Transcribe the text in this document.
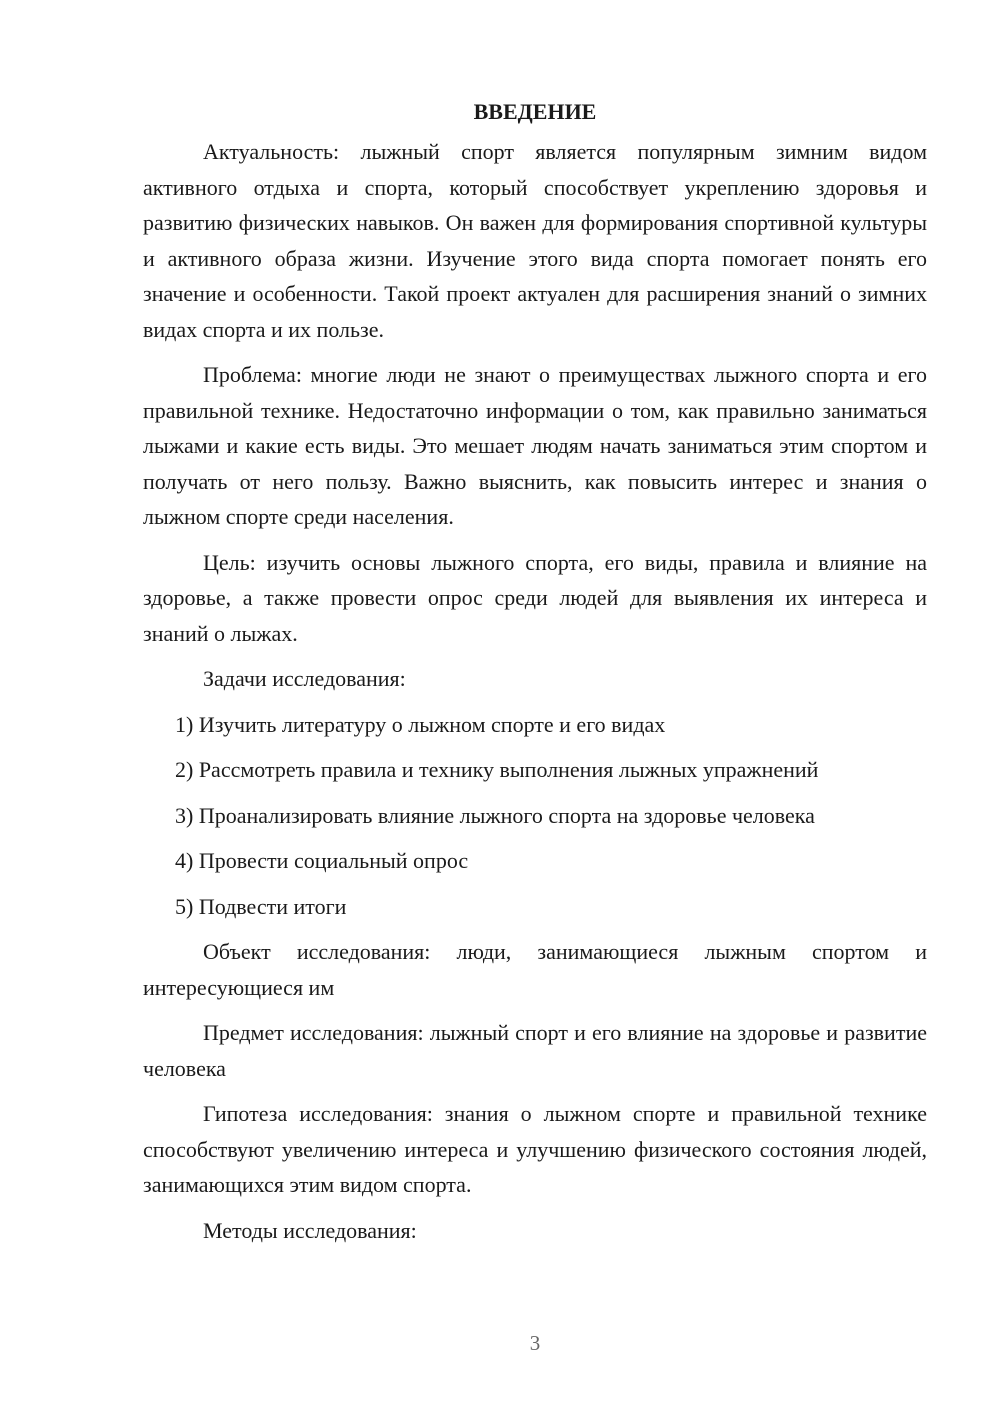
ВВЕДЕНИЕ

Актуальность: лыжный спорт является популярным зимним видом активного отдыха и спорта, который способствует укреплению здоровья и развитию физических навыков. Он важен для формирования спортивной культуры и активного образа жизни. Изучение этого вида спорта помогает понять его значение и особенности. Такой проект актуален для расширения знаний о зимних видах спорта и их пользе.

Проблема: многие люди не знают о преимуществах лыжного спорта и его правильной технике. Недостаточно информации о том, как правильно заниматься лыжами и какие есть виды. Это мешает людям начать заниматься этим спортом и получать от него пользу. Важно выяснить, как повысить интерес и знания о лыжном спорте среди населения.

Цель: изучить основы лыжного спорта, его виды, правила и влияние на здоровье, а также провести опрос среди людей для выявления их интереса и знаний о лыжах.

Задачи исследования:

1) Изучить литературу о лыжном спорте и его видах
2) Рассмотреть правила и технику выполнения лыжных упражнений
3) Проанализировать влияние лыжного спорта на здоровье человека
4) Провести социальный опрос
5) Подвести итоги

Объект исследования: люди, занимающиеся лыжным спортом и интересующиеся им

Предмет исследования: лыжный спорт и его влияние на здоровье и развитие человека

Гипотеза исследования: знания о лыжном спорте и правильной технике способствуют увеличению интереса и улучшению физического состояния людей, занимающихся этим видом спорта.

Методы исследования:

3
